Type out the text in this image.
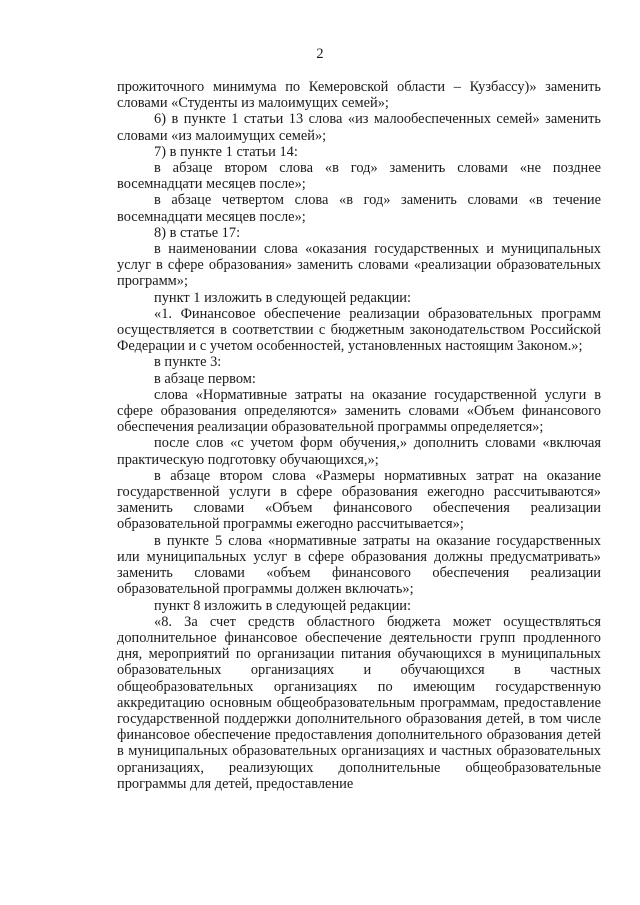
2

прожиточного минимума по Кемеровской области – Кузбассу)» заменить словами «Студенты из малоимущих семей»;

6) в пункте 1 статьи 13 слова «из малообеспеченных семей» заменить словами «из малоимущих семей»;

7) в пункте 1 статьи 14:

в абзаце втором слова «в год» заменить словами «не позднее восемнадцати месяцев после»;

в абзаце четвертом слова «в год» заменить словами «в течение восемнадцати месяцев после»;

8) в статье 17:

в наименовании слова «оказания государственных и муниципальных услуг в сфере образования» заменить словами «реализации образовательных программ»;

пункт 1 изложить в следующей редакции:

«1. Финансовое обеспечение реализации образовательных программ осуществляется в соответствии с бюджетным законодательством Российской Федерации и с учетом особенностей, установленных настоящим Законом.»;

в пункте 3:

в абзаце первом:

слова «Нормативные затраты на оказание государственной услуги в сфере образования определяются» заменить словами «Объем финансового обеспечения реализации образовательной программы определяется»;

после слов «с учетом форм обучения,» дополнить словами «включая практическую подготовку обучающихся,»;

в абзаце втором слова «Размеры нормативных затрат на оказание государственной услуги в сфере образования ежегодно рассчитываются» заменить словами «Объем финансового обеспечения реализации образовательной программы ежегодно рассчитывается»;

в пункте 5 слова «нормативные затраты на оказание государственных или муниципальных услуг в сфере образования должны предусматривать» заменить словами «объем финансового обеспечения реализации образовательной программы должен включать»;

пункт 8 изложить в следующей редакции:

«8. За счет средств областного бюджета может осуществляться дополнительное финансовое обеспечение деятельности групп продленного дня, мероприятий по организации питания обучающихся в муниципальных образовательных организациях и обучающихся в частных общеобразовательных организациях по имеющим государственную аккредитацию основным общеобразовательным программам, предоставление государственной поддержки дополнительного образования детей, в том числе финансовое обеспечение предоставления дополнительного образования детей в муниципальных образовательных организациях и частных образовательных организациях, реализующих дополнительные общеобразовательные программы для детей, предоставление
